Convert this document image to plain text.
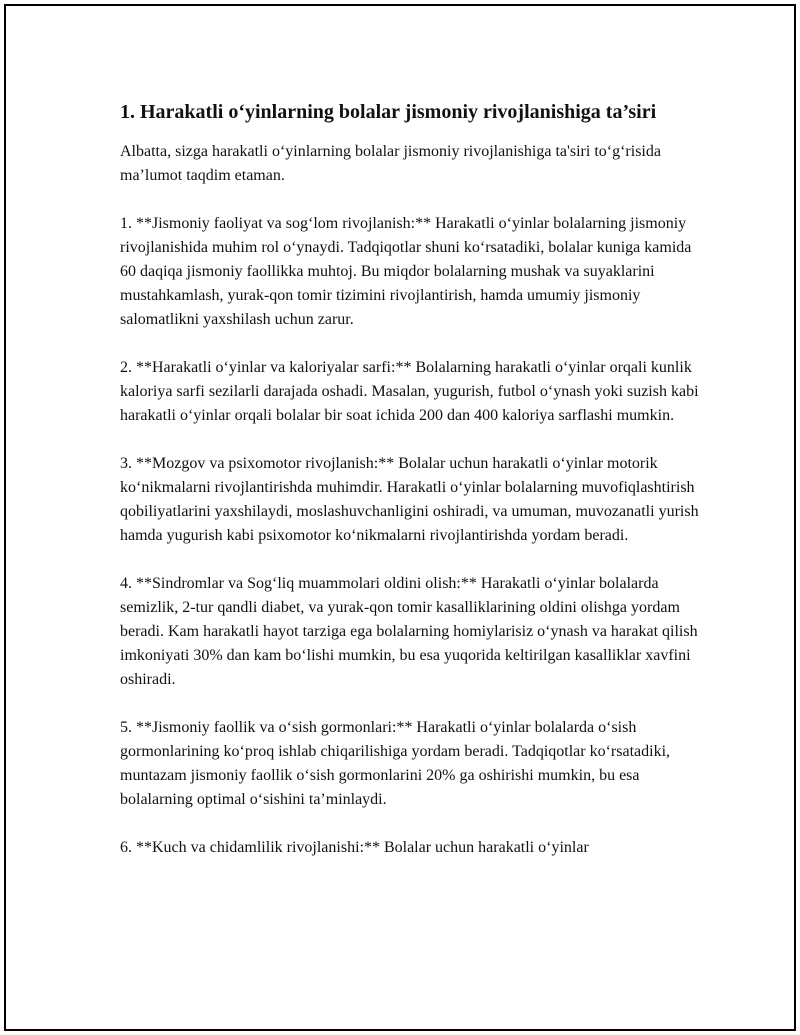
1. Harakatli o‘yinlarning bolalar jismoniy rivojlanishiga ta’siri

Albatta, sizga harakatli o‘yinlarning bolalar jismoniy rivojlanishiga ta'siri to‘g‘risida ma’lumot taqdim etaman.

1. **Jismoniy faoliyat va sog‘lom rivojlanish:** Harakatli o‘yinlar bolalarning jismoniy rivojlanishida muhim rol o‘ynaydi. Tadqiqotlar shuni ko‘rsatadiki, bolalar kuniga kamida 60 daqiqa jismoniy faollikka muhtoj. Bu miqdor bolalarning mushak va suyaklarini mustahkamlash, yurak-qon tomir tizimini rivojlantirish, hamda umumiy jismoniy salomatlikni yaxshilash uchun zarur.

2. **Harakatli o‘yinlar va kaloriyalar sarfi:** Bolalarning harakatli o‘yinlar orqali kunlik kaloriya sarfi sezilarli darajada oshadi. Masalan, yugurish, futbol o‘ynash yoki suzish kabi harakatli o‘yinlar orqali bolalar bir soat ichida 200 dan 400 kaloriya sarflashi mumkin.

3. **Mozgov va psixomotor rivojlanish:** Bolalar uchun harakatli o‘yinlar motorik ko‘nikmalarni rivojlantirishda muhimdir. Harakatli o‘yinlar bolalarning muvofiqlashtirish qobiliyatlarini yaxshilaydi, moslashuvchanligini oshiradi, va umuman, muvozanatli yurish hamda yugurish kabi psixomotor ko‘nikmalarni rivojlantirishda yordam beradi.

4. **Sindromlar va Sog‘liq muammolari oldini olish:** Harakatli o‘yinlar bolalarda semizlik, 2-tur qandli diabet, va yurak-qon tomir kasalliklarining oldini olishga yordam beradi. Kam harakatli hayot tarziga ega bolalarning homiylarisiz o‘ynash va harakat qilish imkoniyati 30% dan kam bo‘lishi mumkin, bu esa yuqorida keltirilgan kasalliklar xavfini oshiradi.

5. **Jismoniy faollik va o‘sish gormonlari:** Harakatli o‘yinlar bolalarda o‘sish gormonlarining ko‘proq ishlab chiqarilishiga yordam beradi. Tadqiqotlar ko‘rsatadiki, muntazam jismoniy faollik o‘sish gormonlarini 20% ga oshirishi mumkin, bu esa bolalarning optimal o‘sishini ta’minlaydi.

6. **Kuch va chidamlilik rivojlanishi:** Bolalar uchun harakatli o‘yinlar
